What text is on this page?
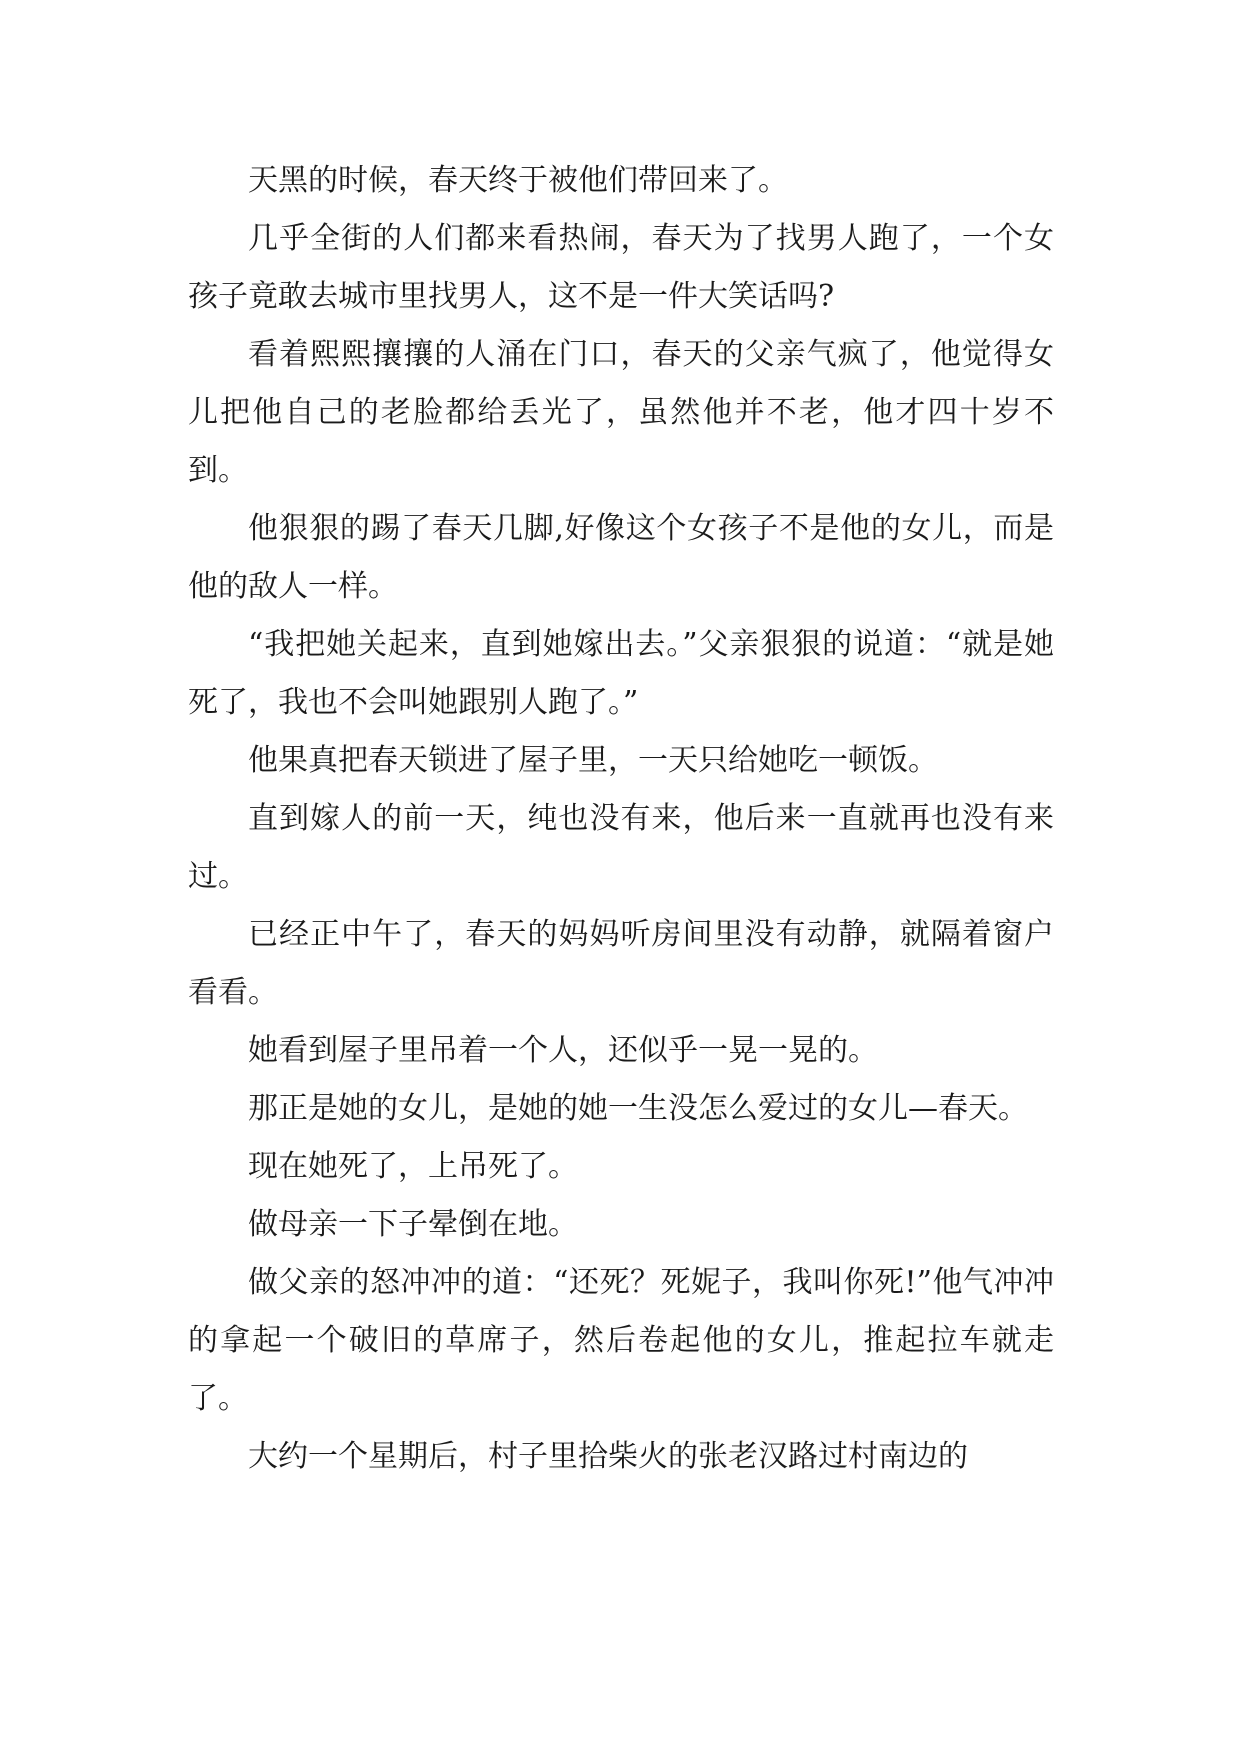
天黑的时候，春天终于被他们带回来了。

几乎全街的人们都来看热闹，春天为了找男人跑了，一个女孩子竟敢去城市里找男人，这不是一件大笑话吗?

看着熙熙攘攘的人涌在门口，春天的父亲气疯了，他觉得女儿把他自己的老脸都给丢光了，虽然他并不老，他才四十岁不到。

他狠狠的踢了春天几脚,好像这个女孩子不是他的女儿，而是他的敌人一样。

“我把她关起来，直到她嫁出去。”父亲狠狠的说道：“就是她死了，我也不会叫她跟别人跑了。”

他果真把春天锁进了屋子里，一天只给她吃一顿饭。

直到嫁人的前一天，纯也没有来，他后来一直就再也没有来过。

已经正中午了，春天的妈妈听房间里没有动静，就隔着窗户看看。

她看到屋子里吊着一个人，还似乎一晃一晃的。

那正是她的女儿，是她的她一生没怎么爱过的女儿—春天。

现在她死了，上吊死了。

做母亲一下子晕倒在地。

做父亲的怒冲冲的道：“还死？死妮子，我叫你死!”他气冲冲的拿起一个破旧的草席子，然后卷起他的女儿，推起拉车就走了。

大约一个星期后，村子里拾柴火的张老汉路过村南边的
